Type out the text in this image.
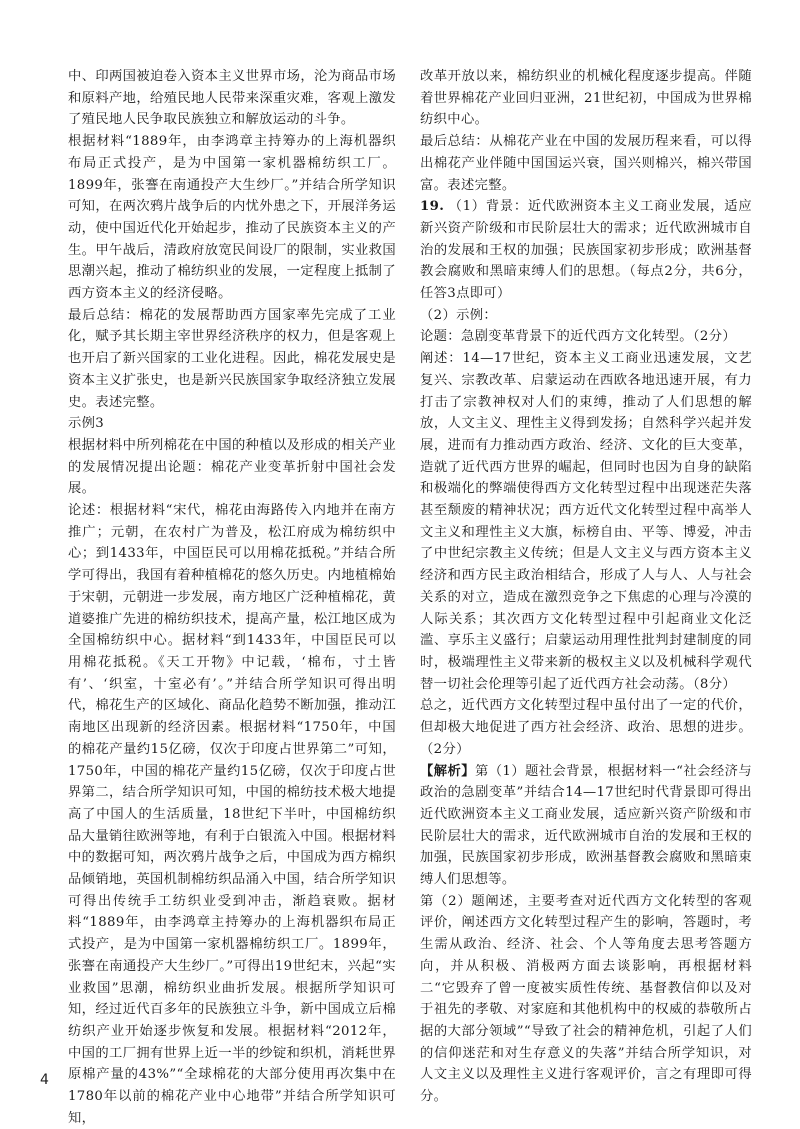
中、印两国被迫卷入资本主义世界市场，沦为商品市场和原料产地，给殖民地人民带来深重灾难，客观上激发了殖民地人民争取民族独立和解放运动的斗争。

根据材料“1889年，由李鸿章主持筹办的上海机器织布局正式投产，是为中国第一家机器棉纺织工厂。1899年，张謇在南通投产大生纱厂。”并结合所学知识可知，在两次鸦片战争后的内忧外患之下，开展洋务运动，使中国近代化开始起步，推动了民族资本主义的产生。甲午战后，清政府放宽民间设厂的限制，实业救国思潮兴起，推动了棉纺织业的发展，一定程度上抵制了西方资本主义的经济侵略。

最后总结：棉花的发展帮助西方国家率先完成了工业化，赋予其长期主宰世界经济秩序的权力，但是客观上也开启了新兴国家的工业化进程。因此，棉花发展史是资本主义扩张史，也是新兴民族国家争取经济独立发展史。表述完整。

示例3

根据材料中所列棉花在中国的种植以及形成的相关产业的发展情况提出论题：棉花产业变革折射中国社会发展。

论述：根据材料“宋代，棉花由海路传入内地并在南方推广；元朝，在农村广为普及，松江府成为棉纺织中心；到1433年，中国臣民可以用棉花抵税。”并结合所学可得出，我国有着种植棉花的悠久历史。内地植棉始于宋朝，元朝进一步发展，南方地区广泛种植棉花，黄道婆推广先进的棉纺织技术，提高产量，松江地区成为全国棉纺织中心。据材料“到1433年，中国臣民可以用棉花抵税。《天工开物》中记载，‘棉布，寸土皆有’、‘织室，十室必有’。”并结合所学知识可得出明代，棉花生产的区域化、商品化趋势不断加强，推动江南地区出现新的经济因素。根据材料“1750年，中国的棉花产量约15亿磅，仅次于印度占世界第二”可知，1750年，中国的棉花产量约15亿磅，仅次于印度占世界第二，结合所学知识可知，中国的棉纺技术极大地提高了中国人的生活质量，18世纪下半叶，中国棉纺织品大量销往欧洲等地，有利于白银流入中国。根据材料中的数据可知，两次鸦片战争之后，中国成为西方棉织品倾销地，英国机制棉纺织品涌入中国，结合所学知识可得出传统手工纺织业受到冲击，渐趋衰败。据材料“1889年，由李鸿章主持筹办的上海机器织布局正式投产，是为中国第一家机器棉纺织工厂。1899年，张謇在南通投产大生纱厂。”可得出19世纪末，兴起“实业救国”思潮，棉纺织业曲折发展。根据所学知识可知，经过近代百多年的民族独立斗争，新中国成立后棉纺织产业开始逐步恢复和发展。根据材料“2012年，中国的工厂拥有世界上近一半的纱锭和织机，消耗世界原棉产量的43%”“全球棉花的大部分使用再次集中在1780年以前的棉花产业中心地带”并结合所学知识可知，

改革开放以来，棉纺织业的机械化程度逐步提高。伴随着世界棉花产业回归亚洲，21世纪初，中国成为世界棉纺织中心。

最后总结：从棉花产业在中国的发展历程来看，可以得出棉花产业伴随中国国运兴衰，国兴则棉兴，棉兴带国富。表述完整。

19. （1）背景：近代欧洲资本主义工商业发展，适应新兴资产阶级和市民阶层壮大的需求；近代欧洲城市自治的发展和王权的加强；民族国家初步形成；欧洲基督教会腐败和黑暗束缚人们的思想。（每点2分，共6分，任答3点即可）

（2）示例：

论题：急剧变革背景下的近代西方文化转型。（2分）

阐述：14—17世纪，资本主义工商业迅速发展，文艺复兴、宗教改革、启蒙运动在西欧各地迅速开展，有力打击了宗教神权对人们的束缚，推动了人们思想的解放，人文主义、理性主义得到发扬；自然科学兴起并发展，进而有力推动西方政治、经济、文化的巨大变革，造就了近代西方世界的崛起，但同时也因为自身的缺陷和极端化的弊端使得西方文化转型过程中出现迷茫失落甚至颓废的精神状况；西方近代文化转型过程中高举人文主义和理性主义大旗，标榜自由、平等、博爱，冲击了中世纪宗教主义传统；但是人文主义与西方资本主义经济和西方民主政治相结合，形成了人与人、人与社会关系的对立，造成在激烈竞争之下焦虑的心理与冷漠的人际关系；其次西方文化转型过程中引起商业文化泛滥、享乐主义盛行；启蒙运动用理性批判封建制度的同时，极端理性主义带来新的极权主义以及机械科学观代替一切社会伦理等引起了近代西方社会动荡。（8分）

总之，近代西方文化转型过程中虽付出了一定的代价，但却极大地促进了西方社会经济、政治、思想的进步。（2分）

【解析】第（1）题社会背景，根据材料一“社会经济与政治的急剧变革”并结合14—17世纪时代背景即可得出近代欧洲资本主义工商业发展，适应新兴资产阶级和市民阶层壮大的需求，近代欧洲城市自治的发展和王权的加强，民族国家初步形成，欧洲基督教会腐败和黑暗束缚人们思想等。

第（2）题阐述，主要考查对近代西方文化转型的客观评价，阐述西方文化转型过程产生的影响，答题时，考生需从政治、经济、社会、个人等角度去思考答题方向，并从积极、消极两方面去谈影响，再根据材料二“它毁弃了曾一度被实质性传统、基督教信仰以及对于祖先的孝敬、对家庭和其他机构中的权威的恭敬所占据的大部分领域”“导致了社会的精神危机，引起了人们的信仰迷茫和对生存意义的失落”并结合所学知识，对人文主义以及理性主义进行客观评价，言之有理即可得分。

4
